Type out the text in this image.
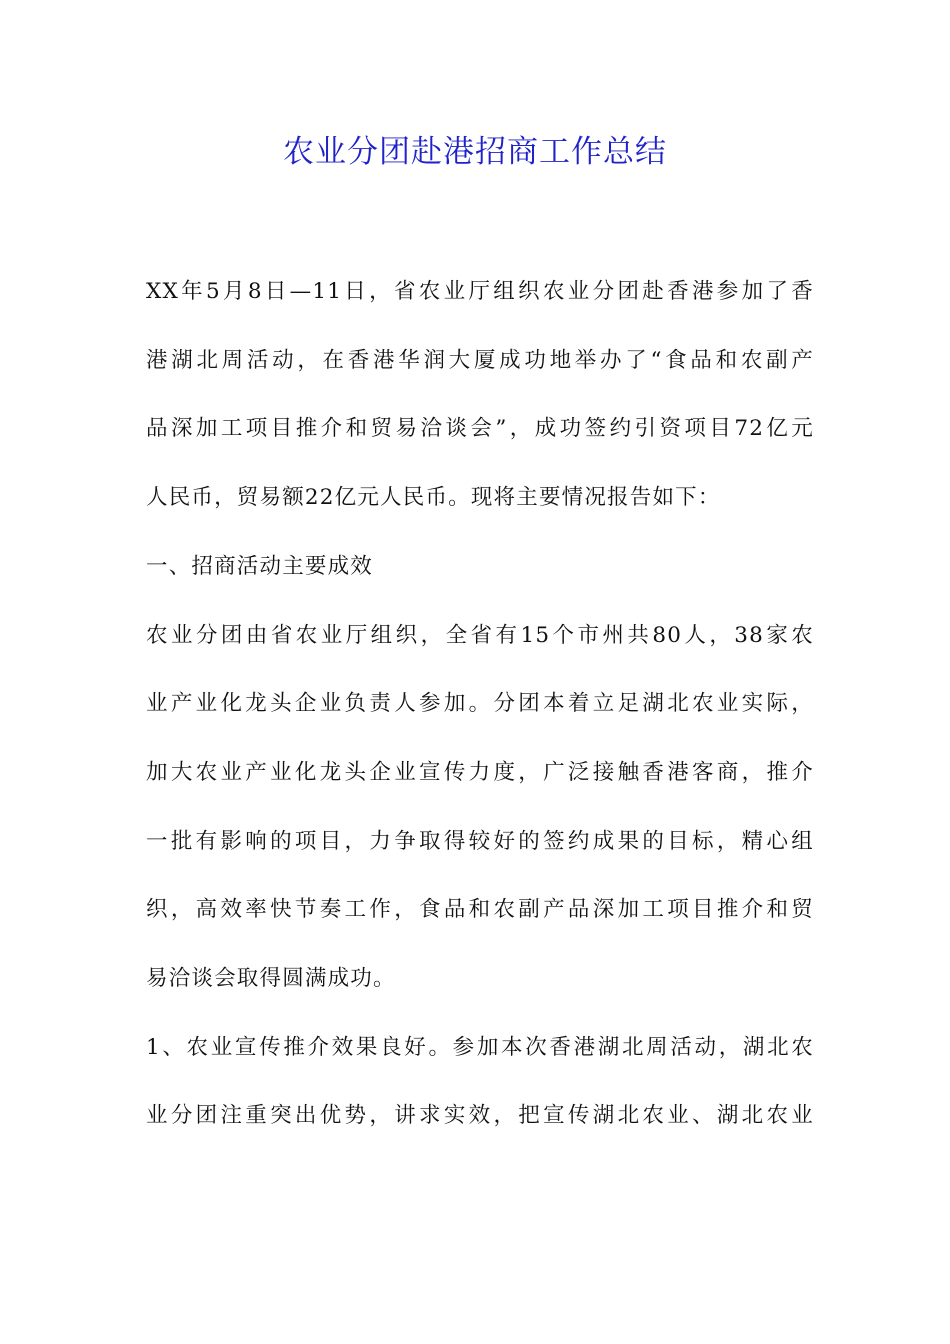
农业分团赴港招商工作总结
XX年5月8日—11日，省农业厅组织农业分团赴香港参加了香
港湖北周活动，在香港华润大厦成功地举办了“食品和农副产
品深加工项目推介和贸易洽谈会”，成功签约引资项目72亿元
人民币，贸易额22亿元人民币。现将主要情况报告如下：
一、招商活动主要成效
农业分团由省农业厅组织，全省有15个市州共80人，38家农
业产业化龙头企业负责人参加。分团本着立足湖北农业实际，
加大农业产业化龙头企业宣传力度，广泛接触香港客商，推介
一批有影响的项目，力争取得较好的签约成果的目标，精心组
织，高效率快节奏工作，食品和农副产品深加工项目推介和贸
易洽谈会取得圆满成功。
1、农业宣传推介效果良好。参加本次香港湖北周活动，湖北农
业分团注重突出优势，讲求实效，把宣传湖北农业、湖北农业
